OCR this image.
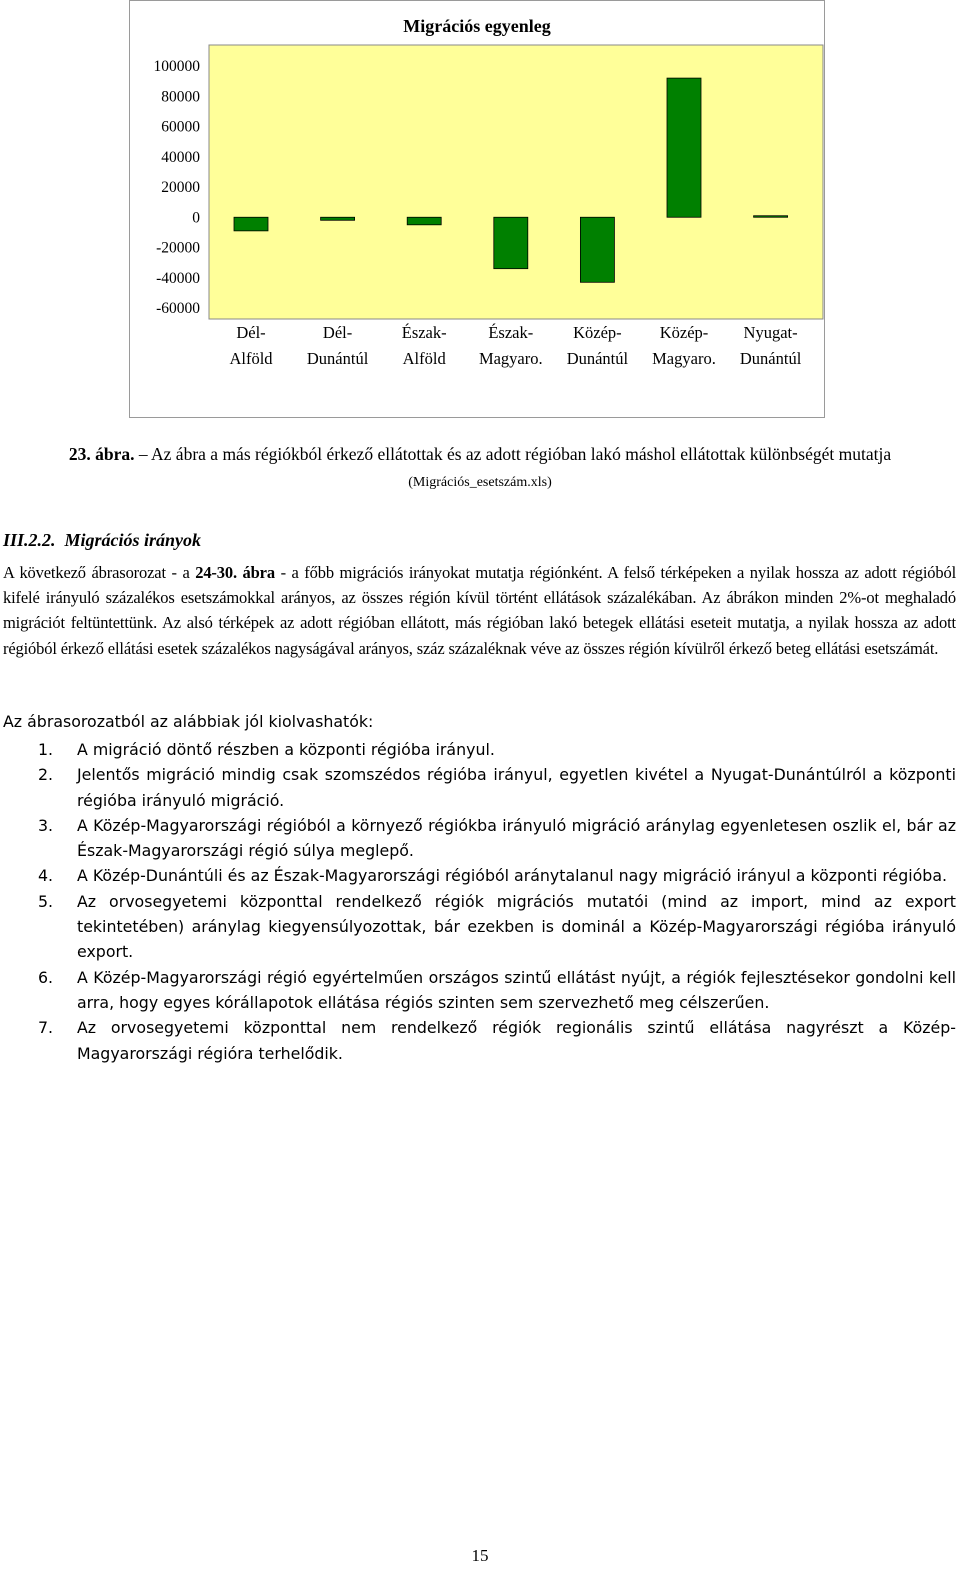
Migrációs egyenleg
100000
80000
60000
40000
20000
0
-20000
-40000
-60000
Dél-
Alföld
Dél-
Dunántúl
Észak-
Alföld
Észak-
Magyaro.
Közép-
Dunántúl
Közép-
Magyaro.
Nyugat-
Dunántúl
23. ábra. – Az ábra a más régiókból érkező ellátottak és az adott régióban lakó máshol ellátottak különbségét mutatja (Migrációs_esetszám.xls)
III.2.2. Migrációs irányok
A következő ábrasorozat - a 24-30. ábra - a főbb migrációs irányokat mutatja régiónként. A felső térképeken a nyilak hossza az adott régióból kifelé irányuló százalékos esetszámokkal arányos, az összes régión kívül történt ellátások százalékában. Az ábrákon minden 2%-ot meghaladó migrációt feltüntettünk. Az alsó térképek az adott régióban ellátott, más régióban lakó betegek ellátási eseteit mutatja, a nyilak hossza az adott régióból érkező ellátási esetek százalékos nagyságával arányos, száz százaléknak véve az összes régión kívülről érkező beteg ellátási esetszámát.
Az ábrasorozatból az alábbiak jól kiolvashatók:
1. A migráció döntő részben a központi régióba irányul.
2. Jelentős migráció mindig csak szomszédos régióba irányul, egyetlen kivétel a Nyugat-Dunántúlról a központi régióba irányuló migráció.
3. A Közép-Magyarországi régióból a környező régiókba irányuló migráció aránylag egyenletesen oszlik el, bár az Észak-Magyarországi régió súlya meglepő.
4. A Közép-Dunántúli és az Észak-Magyarországi régióból aránytalanul nagy migráció irányul a központi régióba.
5. Az orvosegyetemi központtal rendelkező régiók migrációs mutatói (mind az import, mind az export tekintetében) aránylag kiegyensúlyozottak, bár ezekben is dominál a Közép-Magyarországi régióba irányuló export.
6. A Közép-Magyarországi régió egyértelműen országos szintű ellátást nyújt, a régiók fejlesztésekor gondolni kell arra, hogy egyes kórállapotok ellátása régiós szinten sem szervezhető meg célszerűen.
7. Az orvosegyetemi központtal nem rendelkező régiók regionális szintű ellátása nagyrészt a Közép-Magyarországi régióra terhelődik.
15
